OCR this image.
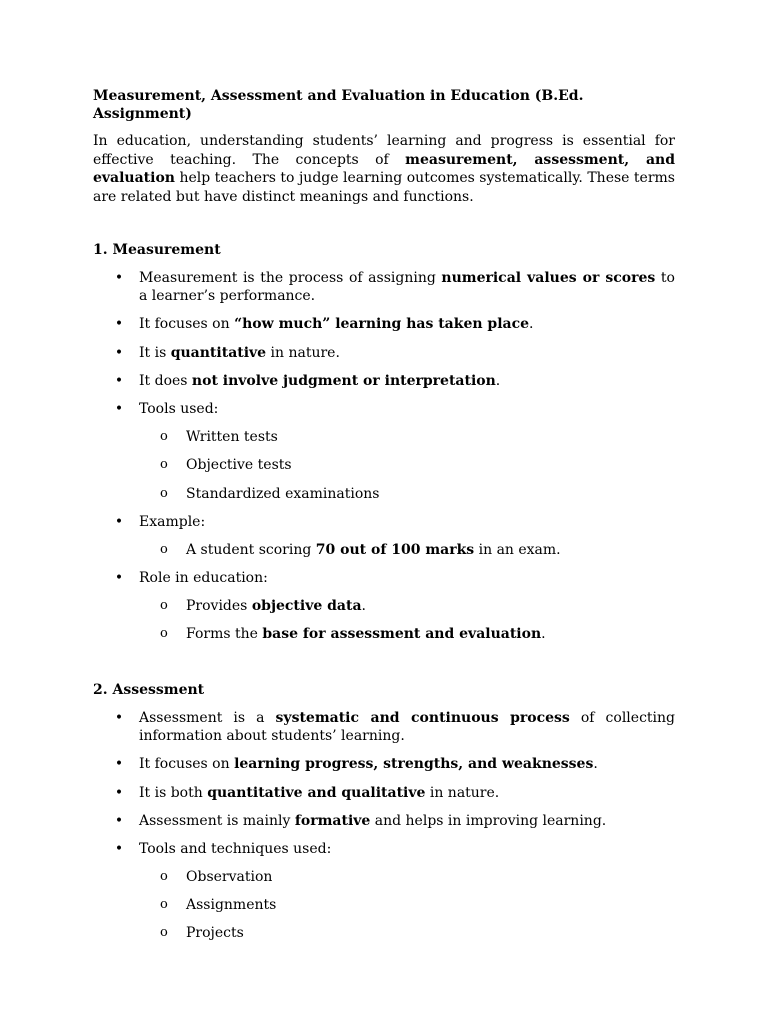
Measurement, Assessment and Evaluation in Education (B.Ed. Assignment)

In education, understanding students’ learning and progress is essential for effective teaching. The concepts of measurement, assessment, and evaluation help teachers to judge learning outcomes systematically. These terms are related but have distinct meanings and functions.

1. Measurement

• Measurement is the process of assigning numerical values or scores to a learner’s performance.
• It focuses on “how much” learning has taken place.
• It is quantitative in nature.
• It does not involve judgment or interpretation.
• Tools used:
o Written tests
o Objective tests
o Standardized examinations
• Example:
o A student scoring 70 out of 100 marks in an exam.
• Role in education:
o Provides objective data.
o Forms the base for assessment and evaluation.

2. Assessment

• Assessment is a systematic and continuous process of collecting information about students’ learning.
• It focuses on learning progress, strengths, and weaknesses.
• It is both quantitative and qualitative in nature.
• Assessment is mainly formative and helps in improving learning.
• Tools and techniques used:
o Observation
o Assignments
o Projects
